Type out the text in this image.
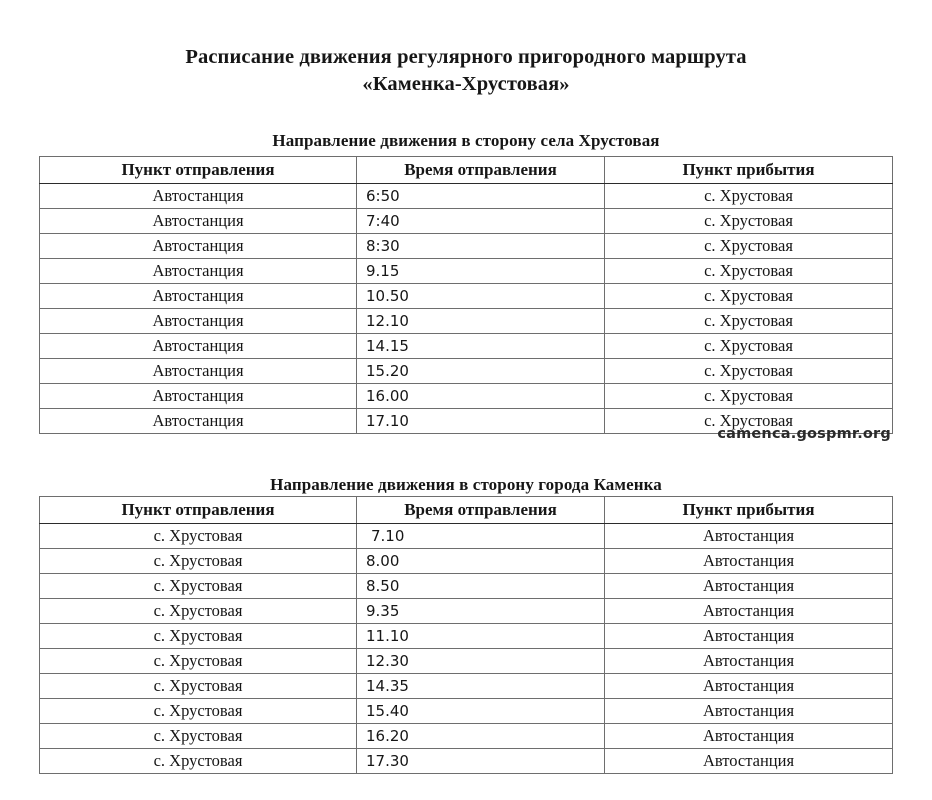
Расписание движения регулярного пригородного маршрута
«Каменка-Хрустовая»
Направление движения в сторону села Хрустовая
Пункт отправления	Время отправления	Пункт прибытия
Автостанция	6:50	с. Хрустовая
Автостанция	7:40	с. Хрустовая
Автостанция	8:30	с. Хрустовая
Автостанция	9.15	с. Хрустовая
Автостанция	10.50	с. Хрустовая
Автостанция	12.10	с. Хрустовая
Автостанция	14.15	с. Хрустовая
Автостанция	15.20	с. Хрустовая
Автостанция	16.00	с. Хрустовая
Автостанция	17.10	с. Хрустовая
camenca.gospmr.org
Направление движения в сторону города Каменка
Пункт отправления	Время отправления	Пункт прибытия
с. Хрустовая	7.10	Автостанция
с. Хрустовая	8.00	Автостанция
с. Хрустовая	8.50	Автостанция
с. Хрустовая	9.35	Автостанция
с. Хрустовая	11.10	Автостанция
с. Хрустовая	12.30	Автостанция
с. Хрустовая	14.35	Автостанция
с. Хрустовая	15.40	Автостанция
с. Хрустовая	16.20	Автостанция
с. Хрустовая	17.30	Автостанция
